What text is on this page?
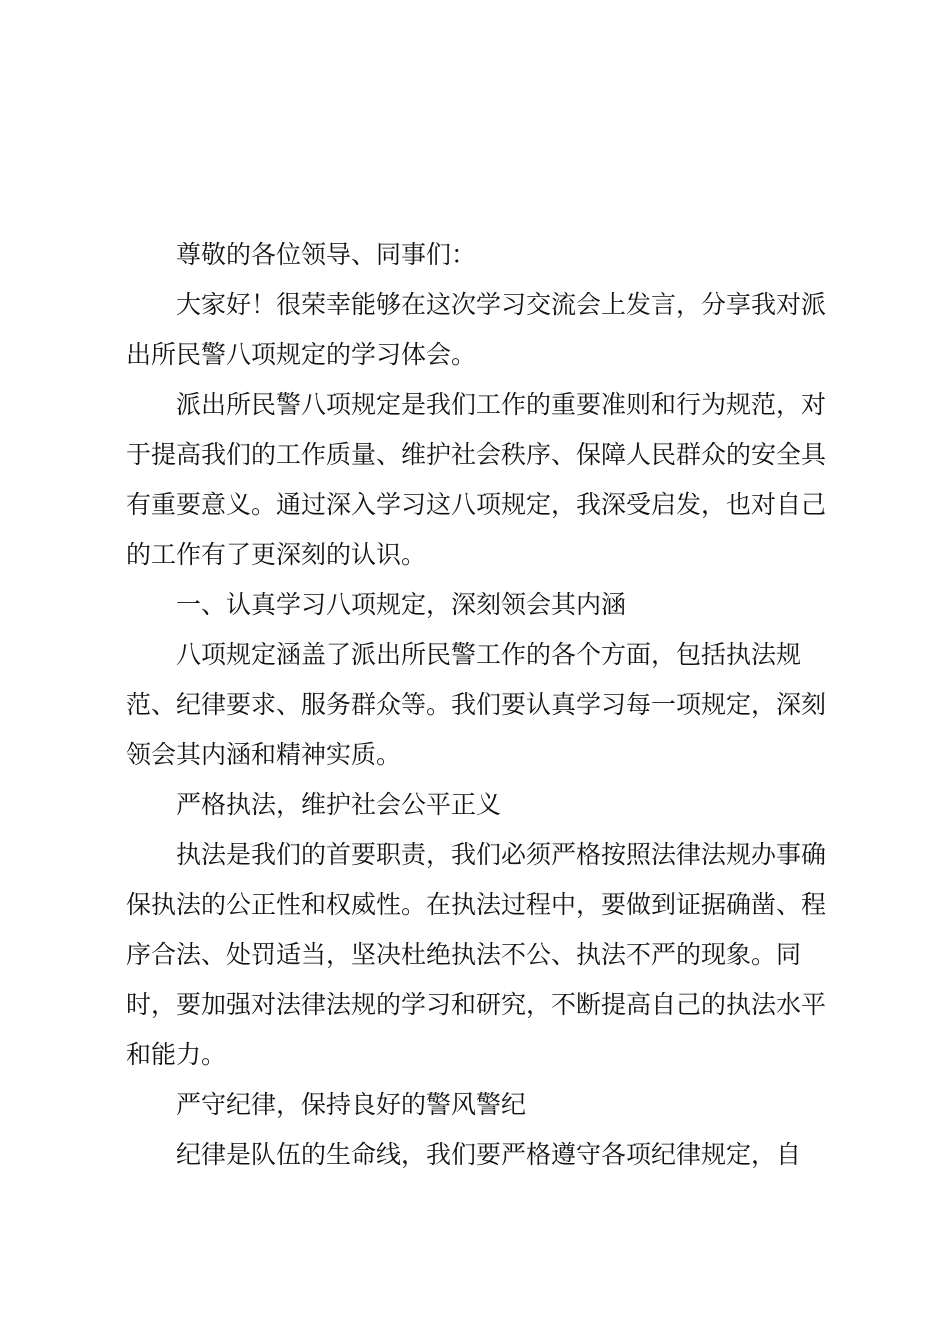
尊敬的各位领导、同事们：

大家好！很荣幸能够在这次学习交流会上发言，分享我对派出所民警八项规定的学习体会。

派出所民警八项规定是我们工作的重要准则和行为规范，对于提高我们的工作质量、维护社会秩序、保障人民群众的安全具有重要意义。通过深入学习这八项规定，我深受启发，也对自己的工作有了更深刻的认识。

一、认真学习八项规定，深刻领会其内涵

八项规定涵盖了派出所民警工作的各个方面，包括执法规范、纪律要求、服务群众等。我们要认真学习每一项规定，深刻领会其内涵和精神实质。

严格执法，维护社会公平正义

执法是我们的首要职责，我们必须严格按照法律法规办事确保执法的公正性和权威性。在执法过程中，要做到证据确凿、程序合法、处罚适当，坚决杜绝执法不公、执法不严的现象。同时，要加强对法律法规的学习和研究，不断提高自己的执法水平和能力。

严守纪律，保持良好的警风警纪

纪律是队伍的生命线，我们要严格遵守各项纪律规定，自
